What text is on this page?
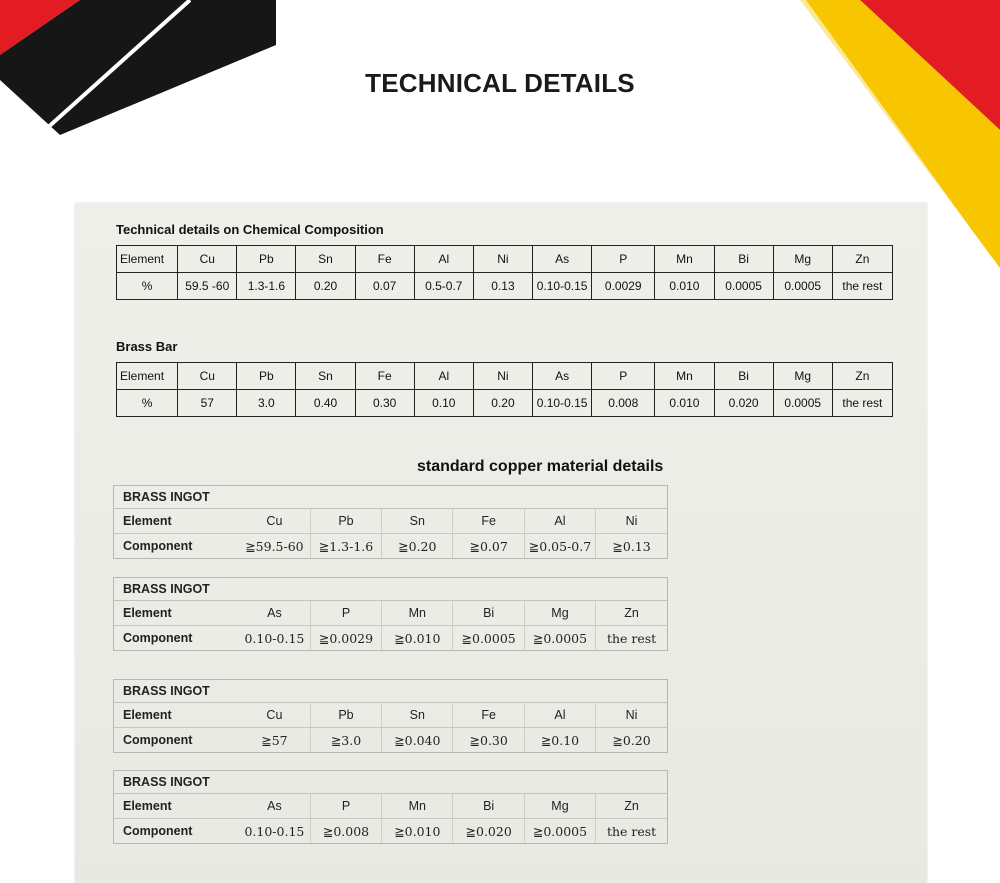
TECHNICAL DETAILS
Technical details on Chemical Composition
Element	Cu	Pb	Sn	Fe	Al	Ni	As	P	Mn	Bi	Mg	Zn
%	59.5 -60	1.3-1.6	0.20	0.07	0.5-0.7	0.13	0.10-0.15	0.0029	0.010	0.0005	0.0005	the rest
Brass Bar
Element	Cu	Pb	Sn	Fe	Al	Ni	As	P	Mn	Bi	Mg	Zn
%	57	3.0	0.40	0.30	0.10	0.20	0.10-0.15	0.008	0.010	0.020	0.0005	the rest
standard copper material details
BRASS INGOT
Element	Cu	Pb	Sn	Fe	Al	Ni
Component	≧59.5-60	≧1.3-1.6	≧0.20	≧0.07	≧0.05-0.7	≧0.13
BRASS INGOT
Element	As	P	Mn	Bi	Mg	Zn
Component	0.10-0.15	≧0.0029	≧0.010	≧0.0005	≧0.0005	the rest
BRASS INGOT
Element	Cu	Pb	Sn	Fe	Al	Ni
Component	≧57	≧3.0	≧0.040	≧0.30	≧0.10	≧0.20
BRASS INGOT
Element	As	P	Mn	Bi	Mg	Zn
Component	0.10-0.15	≧0.008	≧0.010	≧0.020	≧0.0005	the rest
